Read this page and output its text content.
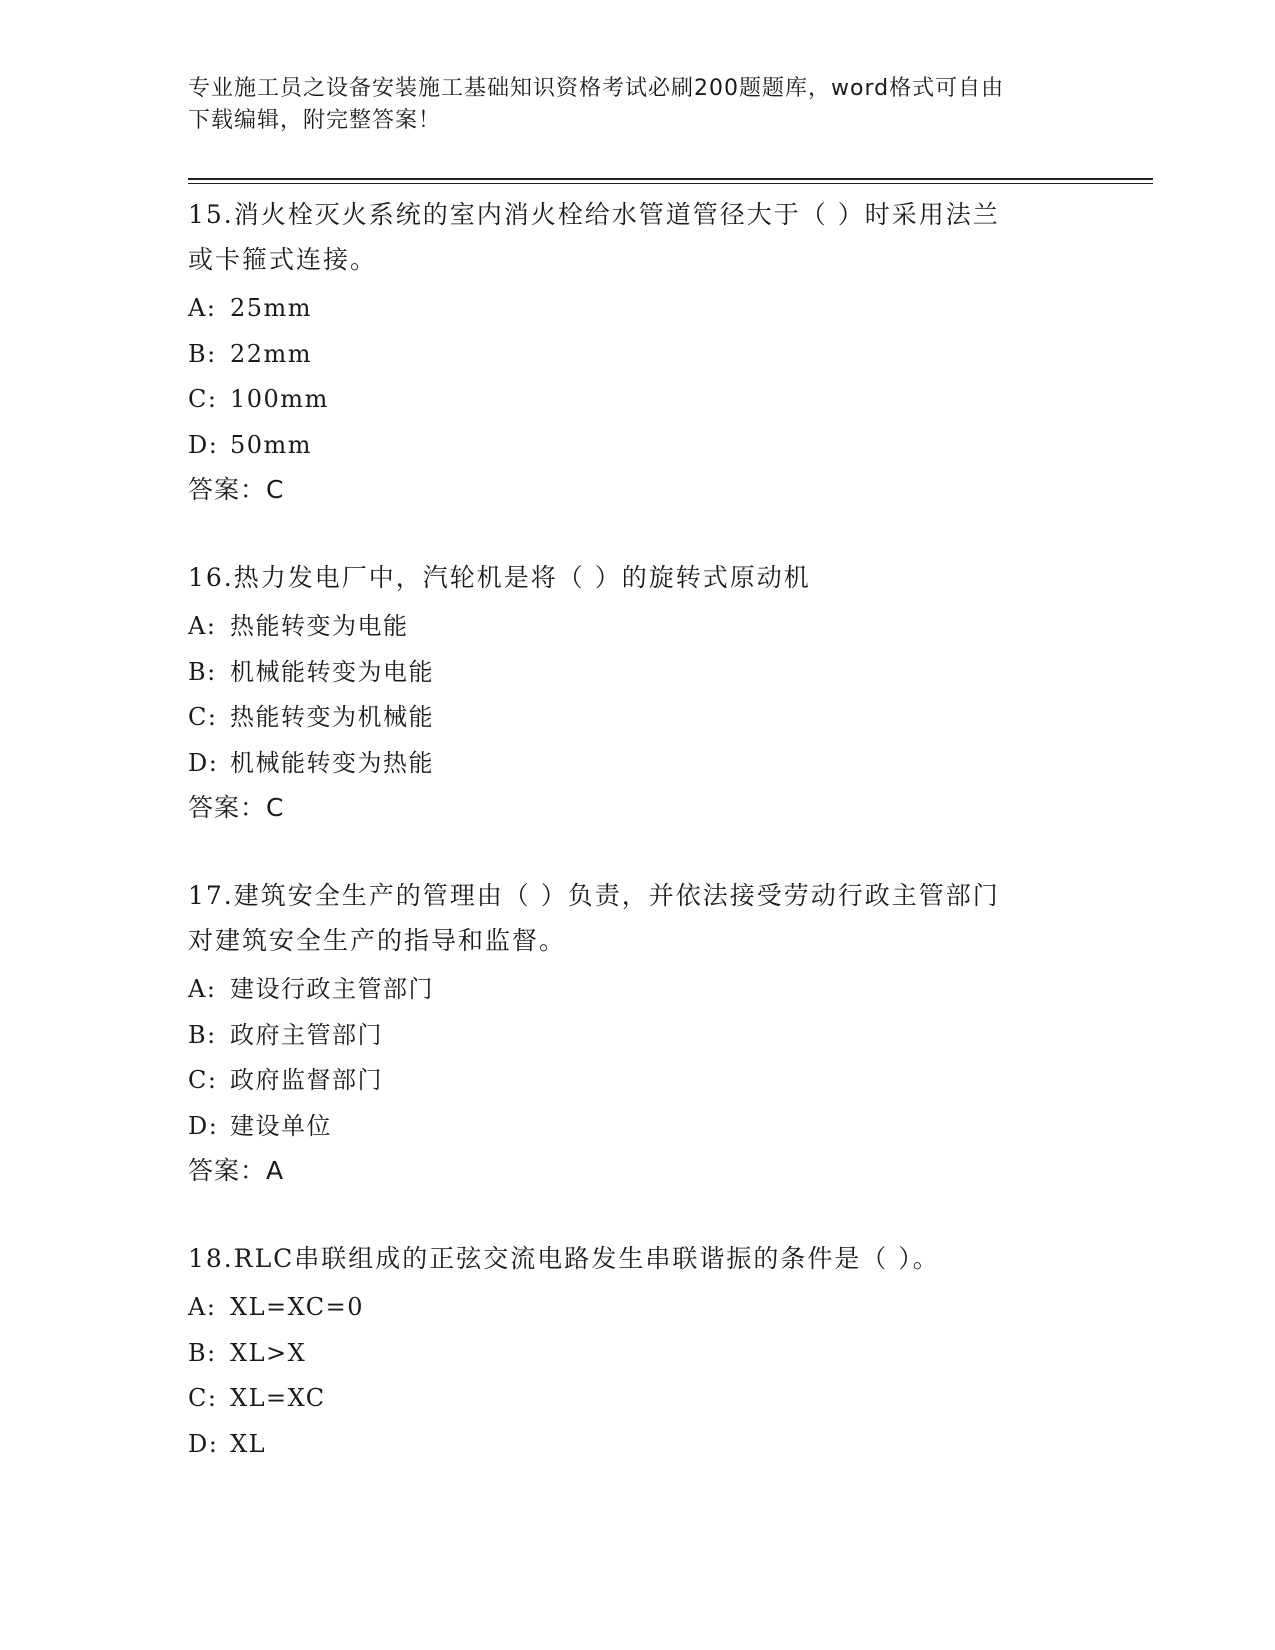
专业施工员之设备安装施工基础知识资格考试必刷200题题库，word格式可自由
下载编辑，附完整答案！
15.消火栓灭火系统的室内消火栓给水管道管径大于（ ）时采用法兰
或卡箍式连接。
A: 25mm
B: 22mm
C: 100mm
D: 50mm
答案：C
16.热力发电厂中，汽轮机是将（ ）的旋转式原动机
A: 热能转变为电能
B: 机械能转变为电能
C: 热能转变为机械能
D: 机械能转变为热能
答案：C
17.建筑安全生产的管理由（ ）负责，并依法接受劳动行政主管部门
对建筑安全生产的指导和监督。
A: 建设行政主管部门
B: 政府主管部门
C: 政府监督部门
D: 建设单位
答案：A
18.RLC串联组成的正弦交流电路发生串联谐振的条件是（ ）。
A: XL=XC=0
B: XL>X
C: XL=XC
D: XL
